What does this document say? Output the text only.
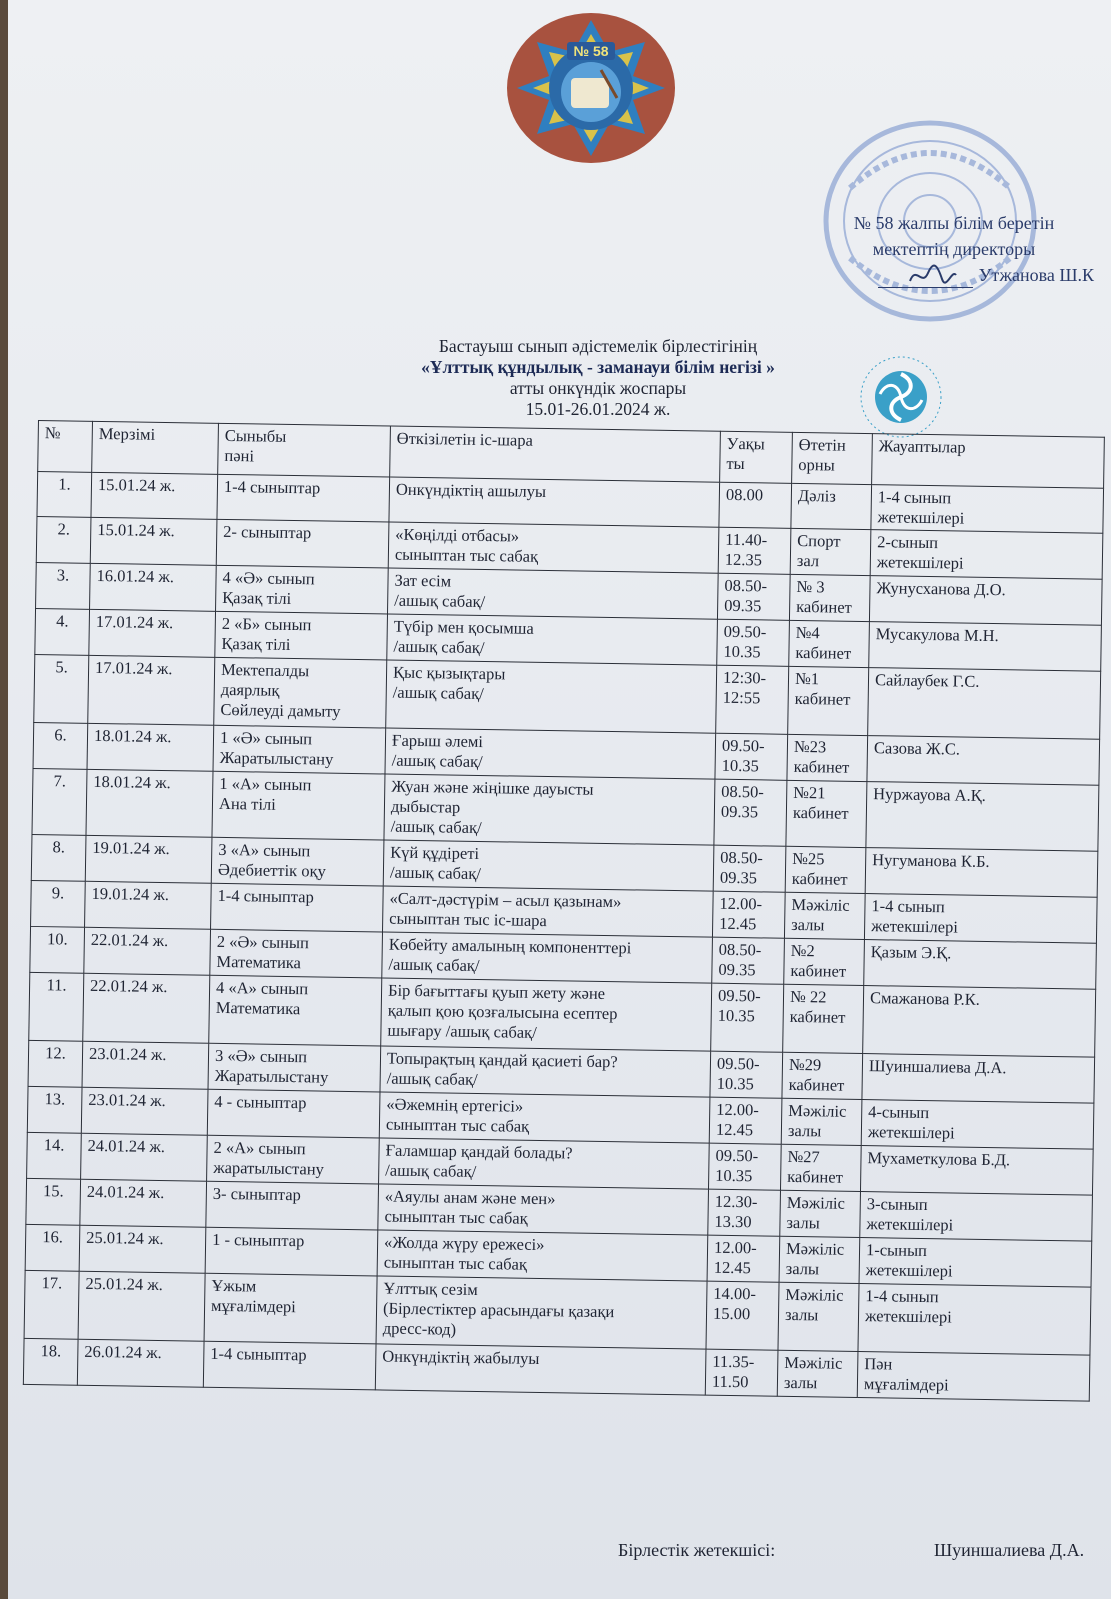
№ 58
№ 58 жалпы білім беретін
мектептің директоры
Утжанова Ш.К
Бастауыш сынып әдістемелік бірлестігінің
«Ұлттық құндылық - заманауи білім негізі »
атты онкүндік жоспары
15.01-26.01.2024 ж.
№	Мерзімі	Сыныбы
пәні	Өткізілетін іс-шара	Уақы
ты	Өтетін
орны	Жауаптылар
1.	15.01.24 ж.	1-4 сыныптар	Онкүндіктің ашылуы	08.00	Дәліз	1-4 сынып
жетекшілері
2.	15.01.24 ж.	2- сыныптар	«Көңілді отбасы»
сыныптан тыс сабақ	11.40-
12.35	Спорт
зал	2-сынып
жетекшілері
3.	16.01.24 ж.	4 «Ә» сынып
Қазақ тілі	Зат есім
/ашық сабақ/	08.50-
09.35	№ 3
кабинет	Жунусханова Д.О.
4.	17.01.24 ж.	2 «Б» сынып
Қазақ тілі	Түбір мен қосымша
/ашық сабақ/	09.50-
10.35	№4
кабинет	Мусакулова М.Н.
5.	17.01.24 ж.	Мектепалды
даярлық
Сөйлеуді дамыту	Қыс қызықтары
/ашық сабақ/	12:30-
12:55	№1
кабинет	Сайлаубек Г.С.
6.	18.01.24 ж.	1 «Ә» сынып
Жаратылыстану	Ғарыш әлемі
/ашық сабақ/	09.50-
10.35	№23
кабинет	Сазова Ж.С.
7.	18.01.24 ж.	1 «А» сынып
Ана тілі	Жуан және жіңішке дауысты
дыбыстар
/ашық сабақ/	08.50-
09.35	№21
кабинет	Нуржауова А.Қ.
8.	19.01.24 ж.	3 «А» сынып
Әдебиеттік оқу	Күй құдіреті
/ашық сабақ/	08.50-
09.35	№25
кабинет	Нугуманова К.Б.
9.	19.01.24 ж.	1-4 сыныптар	«Салт-дәстүрім – асыл қазынам»
сыныптан тыс іс-шара	12.00-
12.45	Мәжіліс
залы	1-4 сынып
жетекшілері
10.	22.01.24 ж.	2 «Ә» сынып
Математика	Көбейту амалының компоненттері
/ашық сабақ/	08.50-
09.35	№2
кабинет	Қазым Э.Қ.
11.	22.01.24 ж.	4 «А» сынып
Математика	Бір бағыттағы қуып жету және
қалып қою қозғалысына есептер
шығару /ашық сабақ/	09.50-
10.35	№ 22
кабинет	Смажанова Р.К.
12.	23.01.24 ж.	3 «Ә» сынып
Жаратылыстану	Топырақтың қандай қасиеті бар?
/ашық сабақ/	09.50-
10.35	№29
кабинет	Шуиншалиева Д.А.
13.	23.01.24 ж.	4 - сыныптар	«Әжемнің ертегісі»
сыныптан тыс сабақ	12.00-
12.45	Мәжіліс
залы	4-сынып
жетекшілері
14.	24.01.24 ж.	2 «А» сынып
жаратылыстану	Ғаламшар қандай болады?
/ашық сабақ/	09.50-
10.35	№27
кабинет	Мухаметкулова Б.Д.
15.	24.01.24 ж.	3- сыныптар	«Аяулы анам және мен»
сыныптан тыс сабақ	12.30-
13.30	Мәжіліс
залы	3-сынып
жетекшілері
16.	25.01.24 ж.	1 - сыныптар	«Жолда жүру ережесі»
сыныптан тыс сабақ	12.00-
12.45	Мәжіліс
залы	1-сынып
жетекшілері
17.	25.01.24 ж.	Ұжым
мұғалімдері	Ұлттық сезім
(Бірлестіктер арасындағы қазақи
дресс-код)	14.00-
15.00	Мәжіліс
залы	1-4 сынып
жетекшілері
18.	26.01.24 ж.	1-4 сыныптар	Онкүндіктің жабылуы	11.35-
11.50	Мәжіліс
залы	Пән
мұғалімдері
Бірлестік жетекшісі:	Шуиншалиева Д.А.
